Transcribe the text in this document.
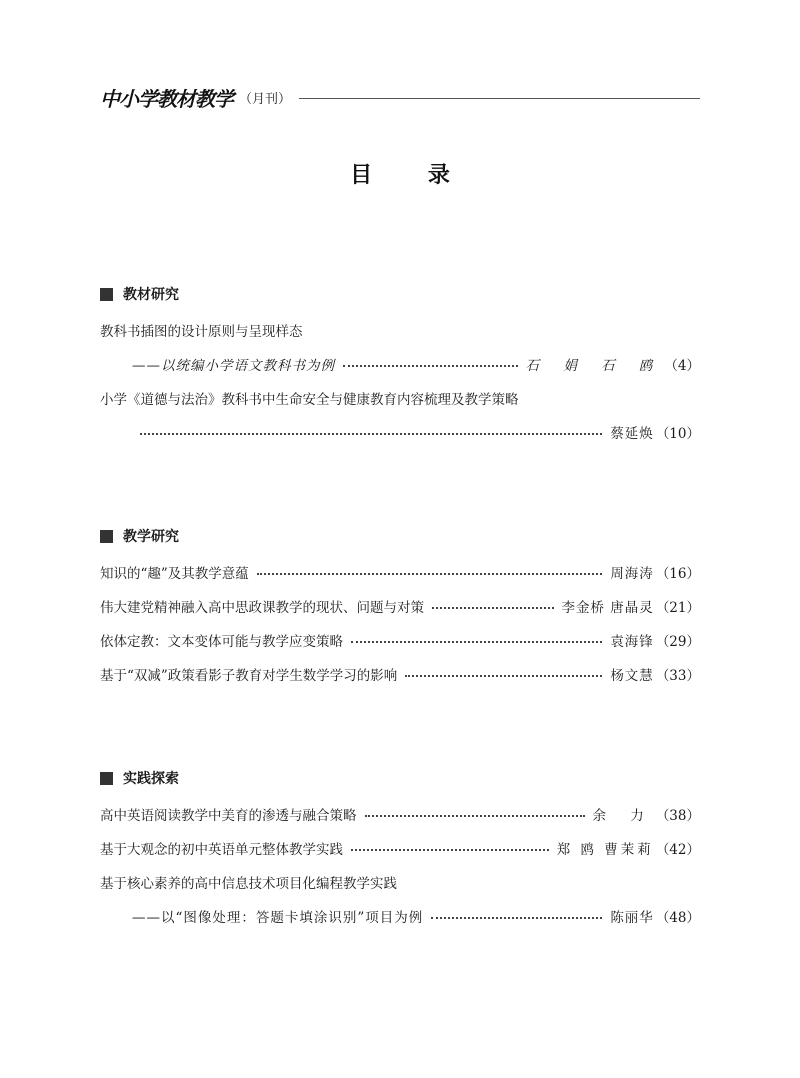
中小学教材教学 （月刊）
目 录
教材研究
教科书插图的设计原则与呈现样态
——以统编小学语文教科书为例	石 娟 石 鸥 （4）
小学《道德与法治》教科书中生命安全与健康教育内容梳理及教学策略
蔡延焕 （10）
教学研究
知识的“趣”及其教学意蕴	周海涛 （16）
伟大建党精神融入高中思政课教学的现状、问题与对策	李金桥 唐晶灵 （21）
依体定教：文本变体可能与教学应变策略	袁海锋 （29）
基于“双减”政策看影子教育对学生数学学习的影响	杨文慧 （33）
实践探索
高中英语阅读教学中美育的渗透与融合策略	余 力 （38）
基于大观念的初中英语单元整体教学实践	郑 鸥 曹茉莉 （42）
基于核心素养的高中信息技术项目化编程教学实践
——以“图像处理：答题卡填涂识别”项目为例	陈丽华 （48）
